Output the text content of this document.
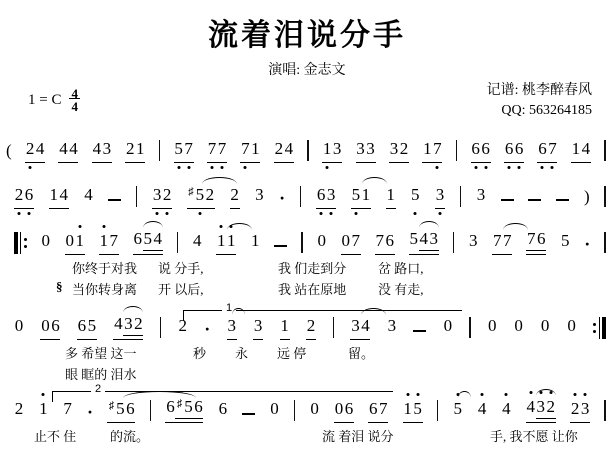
流着泪说分手
演唱: 金志文
1 = C $\frac{4}{4}$	记谱: 桃李醉春风
QQ: 563264185
( 2
4 44 43 21 5
7 7
7 7
1 24 1
3 33 32 17 6
6 6
6 6
7 14
2
6 14 4	3
2 ♯ 5
2 2 3 · 6
3 5
1 1 5 3 3	)
0 01 1
7 654 4 1
1 1	0 07 76 543 3 77 76 5 ·
你终于对我 说 分手,	我 们走到分 岔 路口,
§ 当你转身离 开 以后,	我 站在原地 没 有走,
1
0 06 65 432 2 · 3 3 1 2 34 3	0 0 0 0 0
多 希望 这一	秒 永 远 停	留。
眼 眶的 泪水
2
2 1 7 · ♯ 56 6 ♯ 56 6	0 0 06 67 1
5 5 4 4 4
3
2 2
3
止不 住	的流。	流 着泪 说分	手, 我不愿 让你
